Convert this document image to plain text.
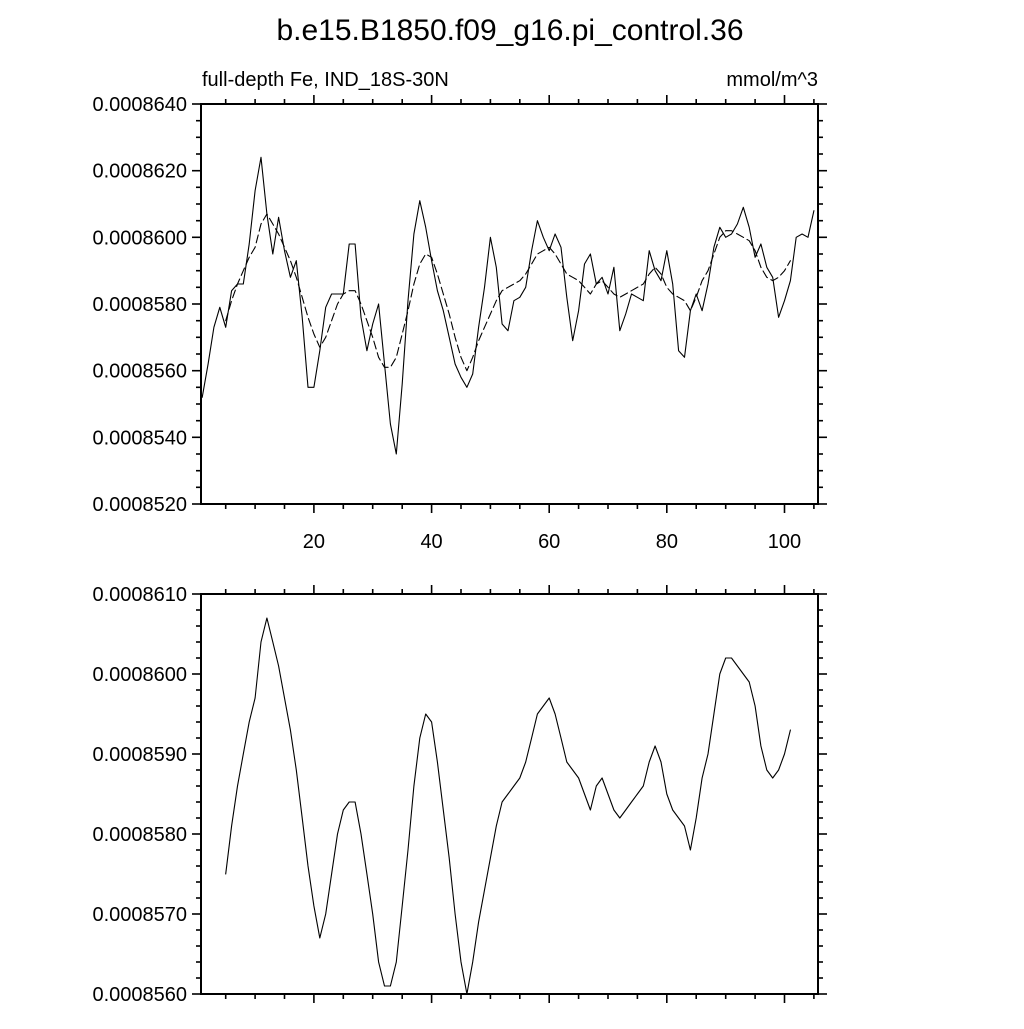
b.e15.B1850.f09_g16.pi_control.36
full-depth Fe, IND_18S-30N	mmol/m^3
0.0008640
0.0008620
0.0008600
0.0008580
0.0008560
0.0008540
0.0008520
20	40	60	80	100
0.0008610
0.0008600
0.0008590
0.0008580
0.0008570
0.0008560
